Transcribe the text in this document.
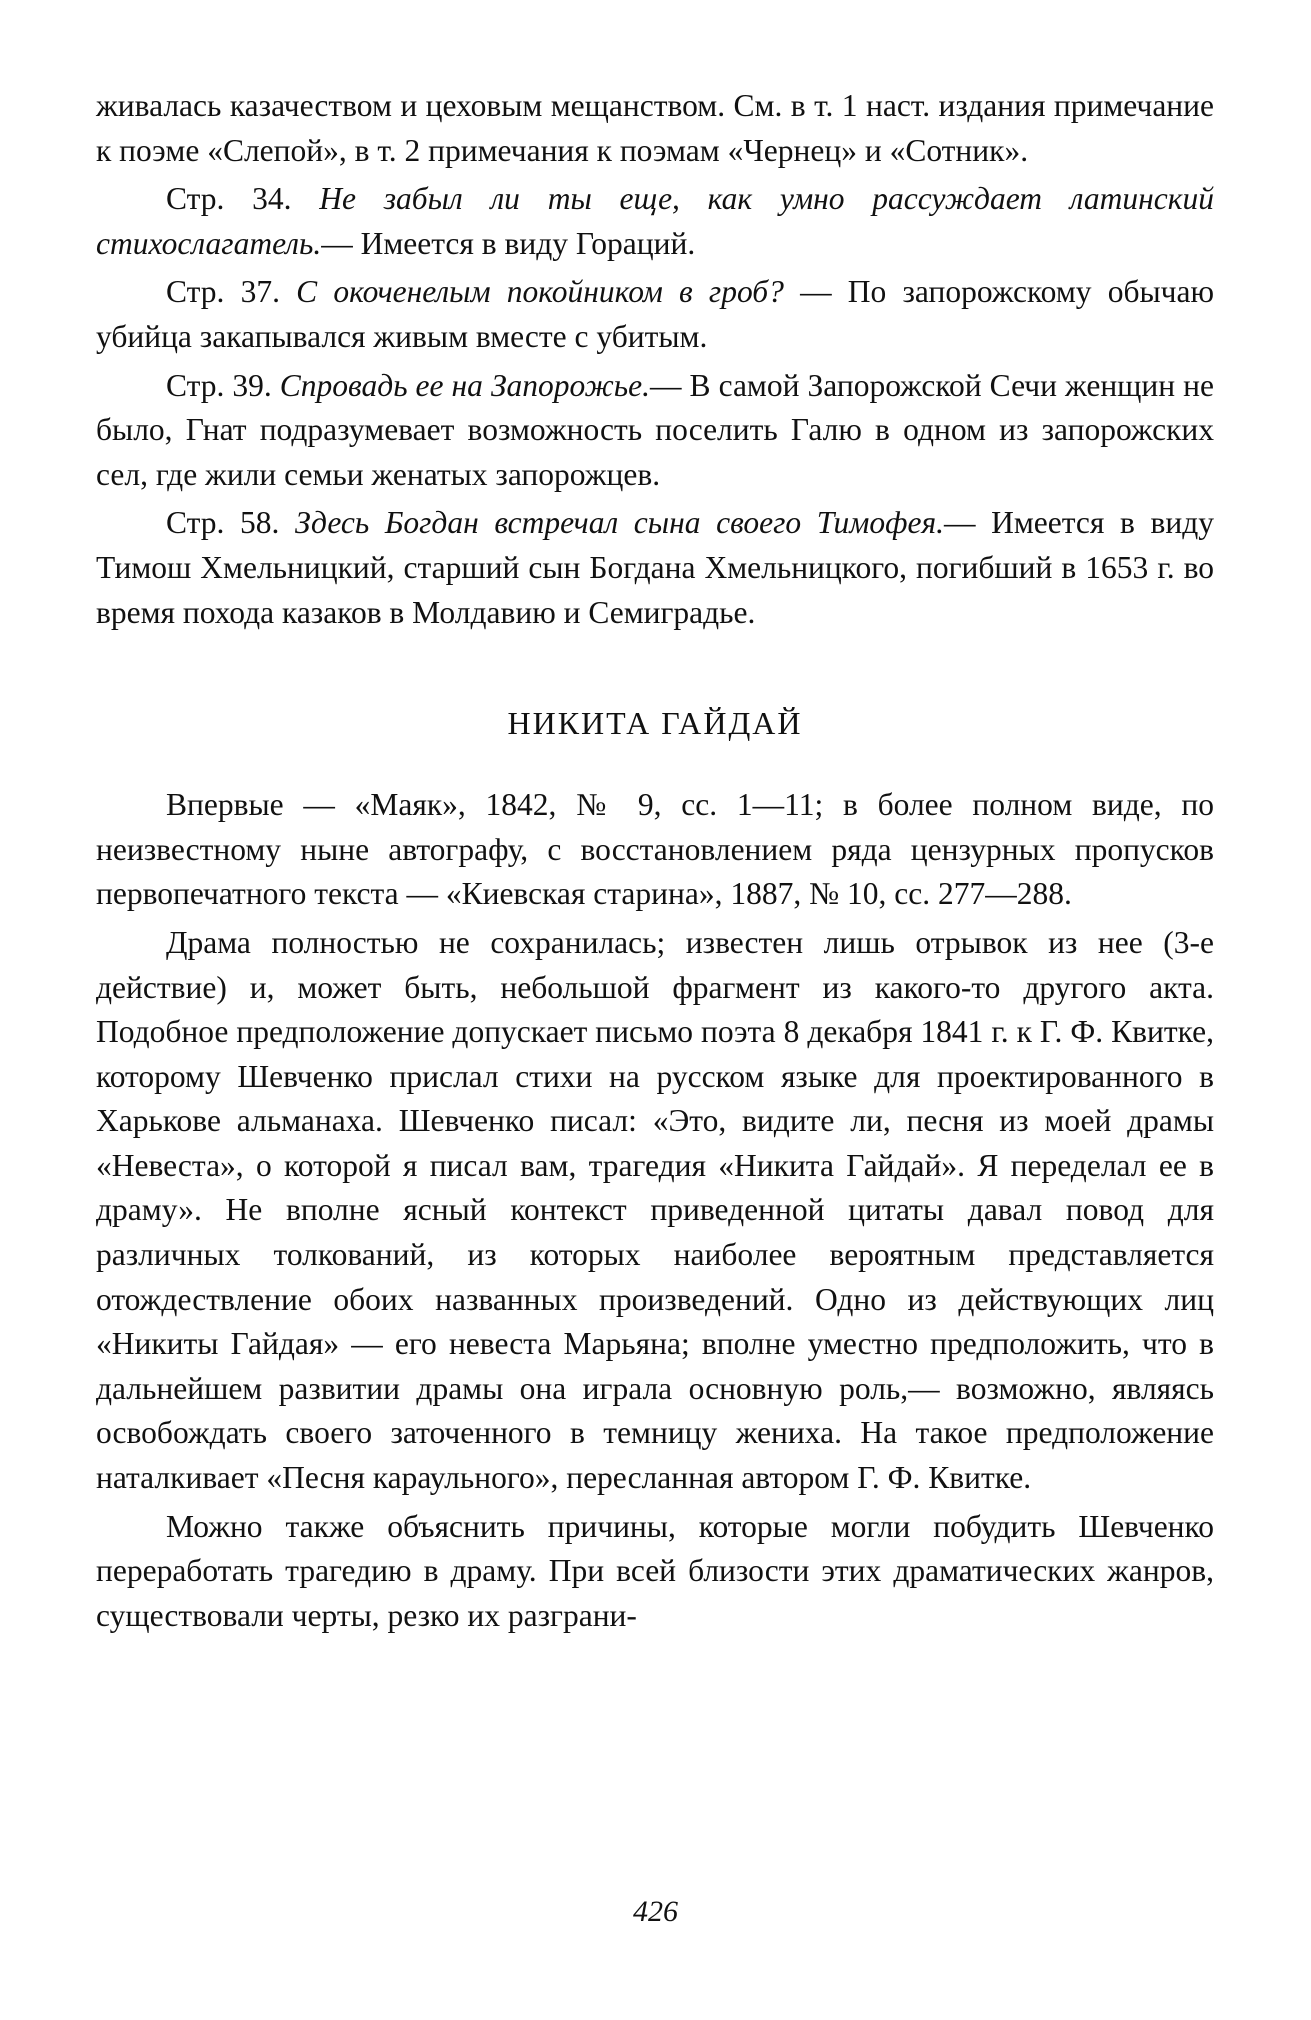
живалась казачеством и цеховым мещанством. См. в т. 1 наст. издания примечание к поэме «Слепой», в т. 2 примечания к поэмам «Чернец» и «Сотник».

Стр. 34. Не забыл ли ты еще, как умно рассуждает латинский стихослагатель.— Имеется в виду Гораций.

Стр. 37. С окоченелым покойником в гроб? — По запорожскому обычаю убийца закапывался живым вместе с убитым.

Стр. 39. Спровадь ее на Запорожье.— В самой Запорожской Сечи женщин не было, Гнат подразумевает возможность поселить Галю в одном из запорожских сел, где жили семьи женатых запорожцев.

Стр. 58. Здесь Богдан встречал сына своего Тимофея.— Имеется в виду Тимош Хмельницкий, старший сын Богдана Хмельницкого, погибший в 1653 г. во время похода казаков в Молдавию и Семиградье.

НИКИТА ГАЙДАЙ

Впервые — «Маяк», 1842, № 9, сс. 1—11; в более полном виде, по неизвестному ныне автографу, с восстановлением ряда цензурных пропусков первопечатного текста — «Киевская старина», 1887, № 10, сс. 277—288.

Драма полностью не сохранилась; известен лишь отрывок из нее (3-е действие) и, может быть, небольшой фрагмент из какого-то другого акта. Подобное предположение допускает письмо поэта 8 декабря 1841 г. к Г. Ф. Квитке, которому Шевченко прислал стихи на русском языке для проектированного в Харькове альманаха. Шевченко писал: «Это, видите ли, песня из моей драмы «Невеста», о которой я писал вам, трагедия «Никита Гайдай». Я переделал ее в драму». Не вполне ясный контекст приведенной цитаты давал повод для различных толкований, из которых наиболее вероятным представляется отождествление обоих названных произведений. Одно из действующих лиц «Никиты Гайдая» — его невеста Марьяна; вполне уместно предположить, что в дальнейшем развитии драмы она играла основную роль,— возможно, являясь освобождать своего заточенного в темницу жениха. На такое предположение наталкивает «Песня караульного», пересланная автором Г. Ф. Квитке.

Можно также объяснить причины, которые могли побудить Шевченко переработать трагедию в драму. При всей близости этих драматических жанров, существовали черты, резко их разграни-

426
